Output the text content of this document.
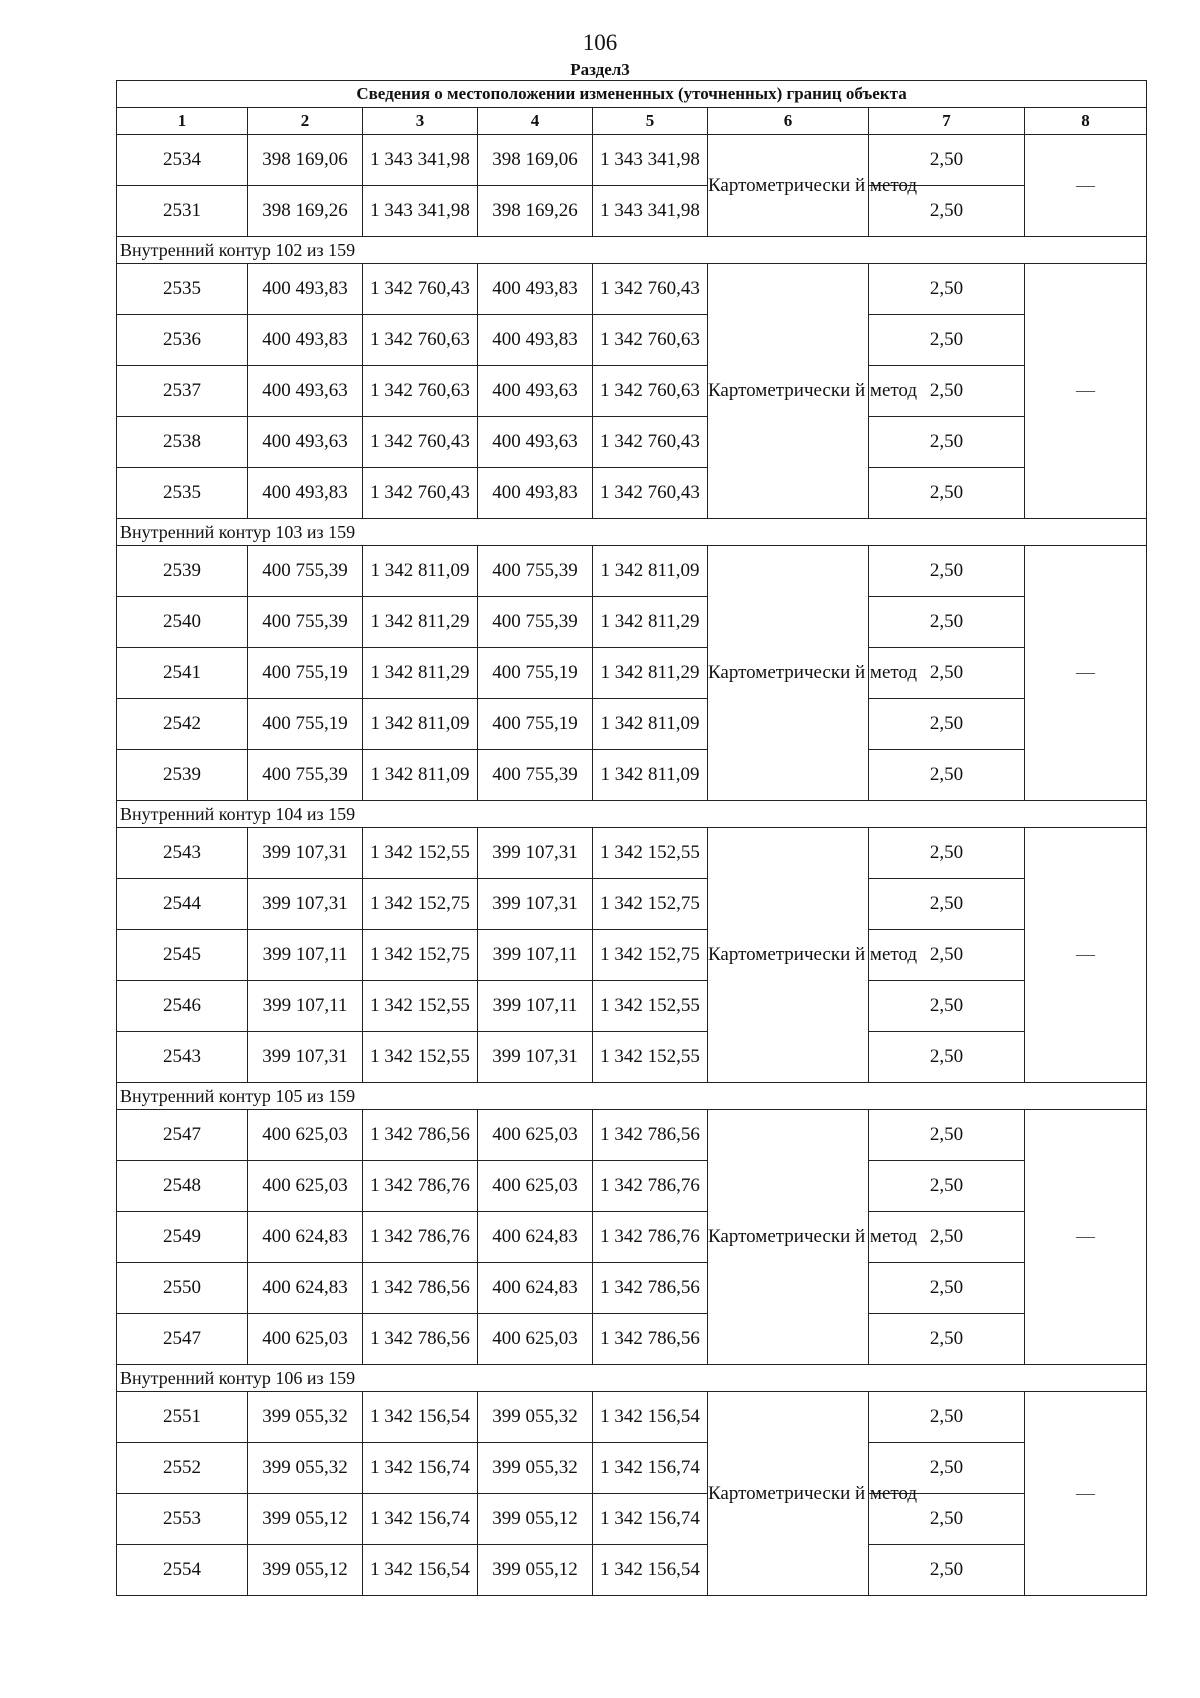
106
Раздел3
Сведения о местоположении измененных (уточненных) границ объекта							
1	2	3	4	5	6	7	8
2534	398 169,06	1 343 341,98	398 169,06	1 343 341,98	Картометрически й метод	2,50	—
2531	398 169,26	1 343 341,98	398 169,26	1 343 341,98		2,50	
Внутренний контур 102 из 159							
2535	400 493,83	1 342 760,43	400 493,83	1 342 760,43	Картометрически й метод	2,50	—
2536	400 493,83	1 342 760,63	400 493,83	1 342 760,63		2,50	
2537	400 493,63	1 342 760,63	400 493,63	1 342 760,63		2,50	
2538	400 493,63	1 342 760,43	400 493,63	1 342 760,43		2,50	
2535	400 493,83	1 342 760,43	400 493,83	1 342 760,43		2,50	
Внутренний контур 103 из 159							
2539	400 755,39	1 342 811,09	400 755,39	1 342 811,09	Картометрически й метод	2,50	—
2540	400 755,39	1 342 811,29	400 755,39	1 342 811,29		2,50	
2541	400 755,19	1 342 811,29	400 755,19	1 342 811,29		2,50	
2542	400 755,19	1 342 811,09	400 755,19	1 342 811,09		2,50	
2539	400 755,39	1 342 811,09	400 755,39	1 342 811,09		2,50	
Внутренний контур 104 из 159							
2543	399 107,31	1 342 152,55	399 107,31	1 342 152,55	Картометрически й метод	2,50	—
2544	399 107,31	1 342 152,75	399 107,31	1 342 152,75		2,50	
2545	399 107,11	1 342 152,75	399 107,11	1 342 152,75		2,50	
2546	399 107,11	1 342 152,55	399 107,11	1 342 152,55		2,50	
2543	399 107,31	1 342 152,55	399 107,31	1 342 152,55		2,50	
Внутренний контур 105 из 159							
2547	400 625,03	1 342 786,56	400 625,03	1 342 786,56	Картометрически й метод	2,50	—
2548	400 625,03	1 342 786,76	400 625,03	1 342 786,76		2,50	
2549	400 624,83	1 342 786,76	400 624,83	1 342 786,76		2,50	
2550	400 624,83	1 342 786,56	400 624,83	1 342 786,56		2,50	
2547	400 625,03	1 342 786,56	400 625,03	1 342 786,56		2,50	
Внутренний контур 106 из 159							
2551	399 055,32	1 342 156,54	399 055,32	1 342 156,54	Картометрически й метод	2,50	—
2552	399 055,32	1 342 156,74	399 055,32	1 342 156,74		2,50	
2553	399 055,12	1 342 156,74	399 055,12	1 342 156,74		2,50	
2554	399 055,12	1 342 156,54	399 055,12	1 342 156,54		2,50	
